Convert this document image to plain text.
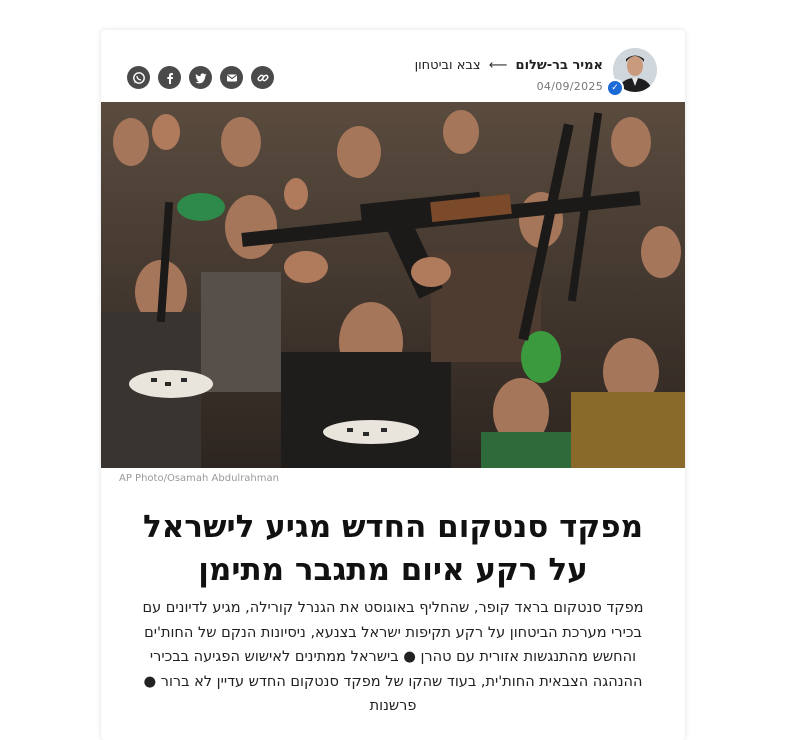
✓
אמיר בר-שלום ⟵ צבא וביטחון
04/09/2025
AP Photo/Osamah Abdulrahman
מפקד סנטקום החדש מגיע לישראל על רקע איום מתגבר מתימן

מפקד סנטקום בראד קופר, שהחליף באוגוסט את הגנרל קורילה, מגיע לדיונים עם בכירי מערכת הביטחון על רקע תקיפות ישראל בצנעא, ניסיונות הנקם של החות'ים והחשש מהתנגשות אזורית עם טהרן ● בישראל ממתינים לאישוש הפגיעה בבכירי ההנהגה הצבאית החות'ית, בעוד שהקו של מפקד סנטקום החדש עדיין לא ברור ● פרשנות
